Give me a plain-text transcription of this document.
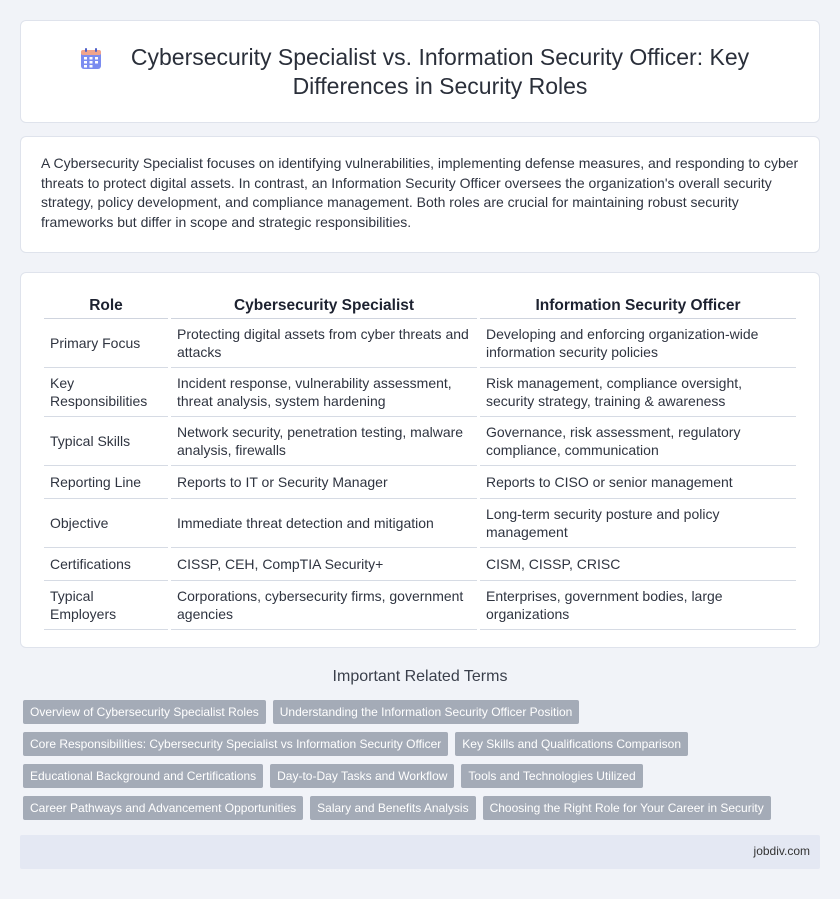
Cybersecurity Specialist vs. Information Security Officer: Key Differences in Security Roles

A Cybersecurity Specialist focuses on identifying vulnerabilities, implementing defense measures, and responding to cyber threats to protect digital assets. In contrast, an Information Security Officer oversees the organization's overall security strategy, policy development, and compliance management. Both roles are crucial for maintaining robust security frameworks but differ in scope and strategic responsibilities.

Role	Cybersecurity Specialist	Information Security Officer
Primary Focus	Protecting digital assets from cyber threats and attacks	Developing and enforcing organization-wide information security policies
Key Responsibilities	Incident response, vulnerability assessment, threat analysis, system hardening	Risk management, compliance oversight, security strategy, training & awareness
Typical Skills	Network security, penetration testing, malware analysis, firewalls	Governance, risk assessment, regulatory compliance, communication
Reporting Line	Reports to IT or Security Manager	Reports to CISO or senior management
Objective	Immediate threat detection and mitigation	Long-term security posture and policy management
Certifications	CISSP, CEH, CompTIA Security+	CISM, CISSP, CRISC
Typical Employers	Corporations, cybersecurity firms, government agencies	Enterprises, government bodies, large organizations
Important Related Terms
Overview of Cybersecurity Specialist Roles	Understanding the Information Security Officer Position
Core Responsibilities: Cybersecurity Specialist vs Information Security Officer	Key Skills and Qualifications Comparison
Educational Background and Certifications	Day-to-Day Tasks and Workflow	Tools and Technologies Utilized
Career Pathways and Advancement Opportunities	Salary and Benefits Analysis	Choosing the Right Role for Your Career in Security
jobdiv.com
